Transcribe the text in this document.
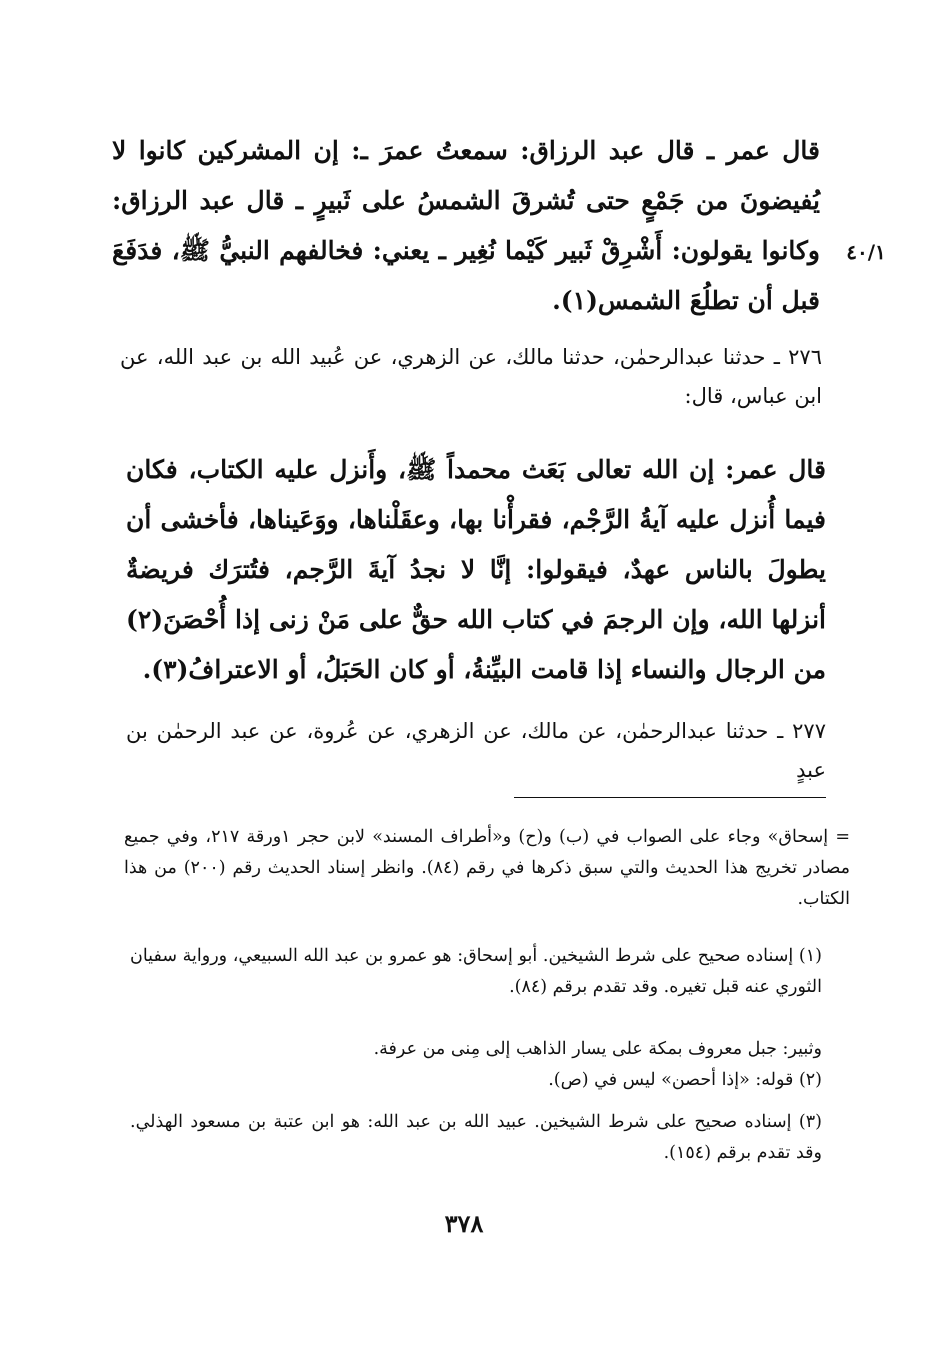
قال عمر ـ قال عبد الرزاق: سمعتُ عمرَ ـ: إن المشركين كانوا لا يُفيضونَ من جَمْعٍ حتى تُشرقَ الشمسُ على ثَبيرٍ ـ قال عبد الرزاق: وكانوا يقولون: أَشْرِقْ ثَبير كَيْما نُغِير ـ يعني: فخالفهم النبيُّ ﷺ، فدَفَعَ قبل أن تطلُعَ الشمس(١).

٤٠/١

٢٧٦ ـ حدثنا عبدالرحمٰن، حدثنا مالك، عن الزهري، عن عُبيد الله بن عبد الله، عن ابن عباس، قال:

قال عمر: إن الله تعالى بَعَث محمداً ﷺ، وأَنزل عليه الكتاب، فكان فيما أُنزل عليه آيةُ الرَّجْم، فقرأْنا بها، وعقَلْناها، ووَعَيناها، فأخشى أن يطولَ بالناس عهدٌ، فيقولوا: إنَّا لا نجدُ آيةَ الرَّجم، فتُترَك فريضةٌ أنزلها الله، وإن الرجمَ في كتاب الله حقٌّ على مَنْ زنى إذا أُحْصَنَ(٢) من الرجال والنساء إذا قامت البيِّنةُ، أو كان الحَبَلُ، أو الاعترافُ(٣).

٢٧٧ ـ حدثنا عبدالرحمٰن، عن مالك، عن الزهري، عن عُروة، عن عبد الرحمٰن بن عبدٍ

= إسحاق» وجاء على الصواب في (ب) و(ح) و«أطراف المسند» لابن حجر ١ورقة ٢١٧، وفي جميع مصادر تخريج هذا الحديث والتي سبق ذكرها في رقم (٨٤). وانظر إسناد الحديث رقم (٢٠٠) من هذا الكتاب.

(١) إسناده صحيح على شرط الشيخين. أبو إسحاق: هو عمرو بن عبد الله السبيعي، ورواية سفيان الثوري عنه قبل تغيره. وقد تقدم برقم (٨٤).

وثبير: جبل معروف بمكة على يسار الذاهب إلى مِنى من عرفة.

(٢) قوله: «إذا أحصن» ليس في (ص).

(٣) إسناده صحيح على شرط الشيخين. عبيد الله بن عبد الله: هو ابن عتبة بن مسعود الهذلي. وقد تقدم برقم (١٥٤).

٣٧٨
